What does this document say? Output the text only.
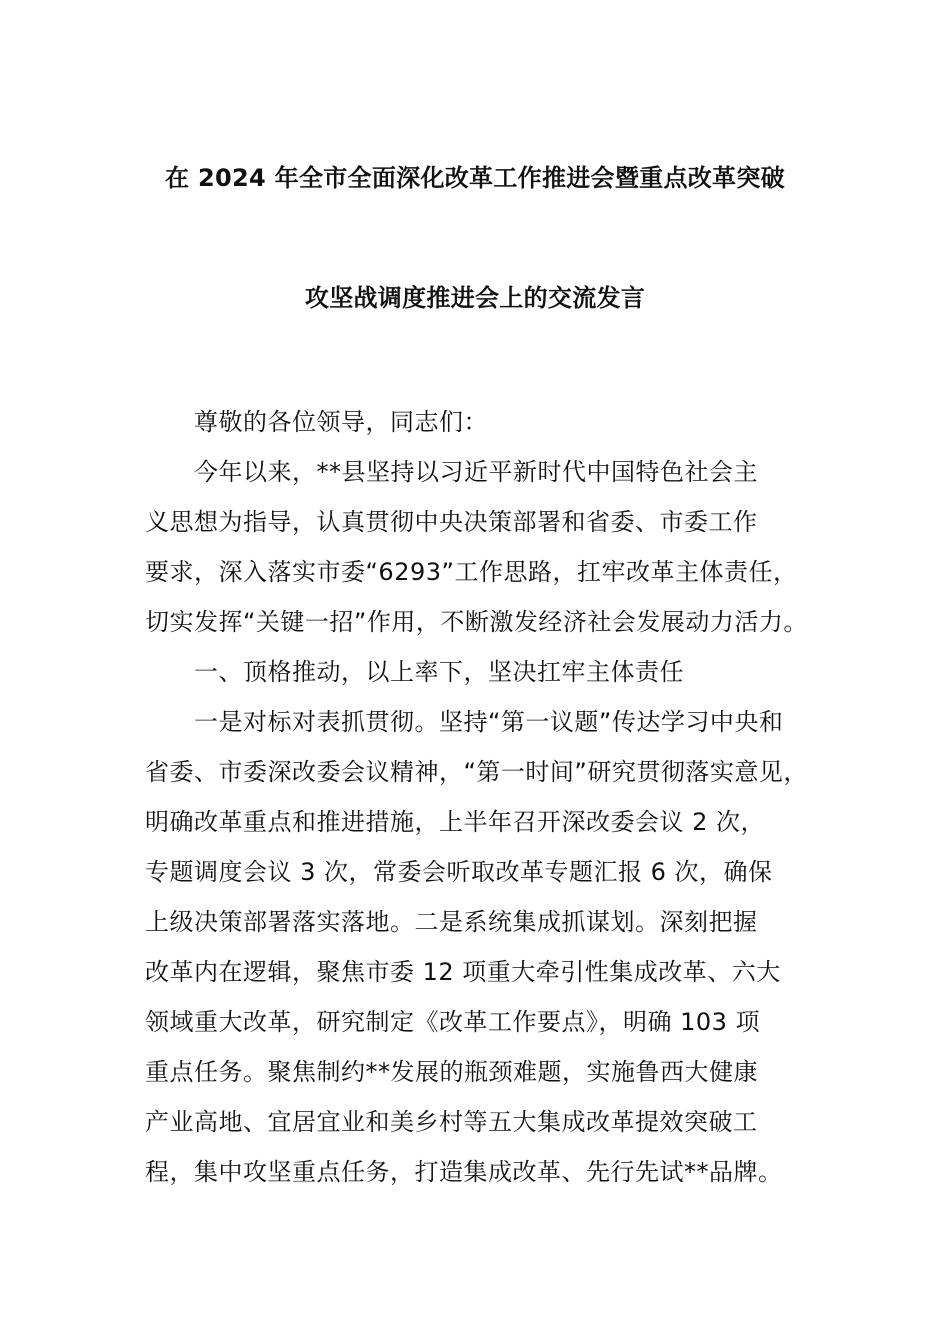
在 2024 年全市全面深化改革工作推进会暨重点改革突破
攻坚战调度推进会上的交流发言
尊敬的各位领导，同志们：
今年以来，**县坚持以习近平新时代中国特色社会主
义思想为指导，认真贯彻中央决策部署和省委、市委工作
要求，深入落实市委“6293”工作思路，扛牢改革主体责任，
切实发挥“关键一招”作用，不断激发经济社会发展动力活力。
一、顶格推动，以上率下，坚决扛牢主体责任
一是对标对表抓贯彻。坚持“第一议题”传达学习中央和
省委、市委深改委会议精神，“第一时间”研究贯彻落实意见，
明确改革重点和推进措施，上半年召开深改委会议 2 次，
专题调度会议 3 次，常委会听取改革专题汇报 6 次，确保
上级决策部署落实落地。二是系统集成抓谋划。深刻把握
改革内在逻辑，聚焦市委 12 项重大牵引性集成改革、六大
领域重大改革，研究制定《改革工作要点》，明确 103 项
重点任务。聚焦制约**发展的瓶颈难题，实施鲁西大健康
产业高地、宜居宜业和美乡村等五大集成改革提效突破工
程，集中攻坚重点任务，打造集成改革、先行先试**品牌。
